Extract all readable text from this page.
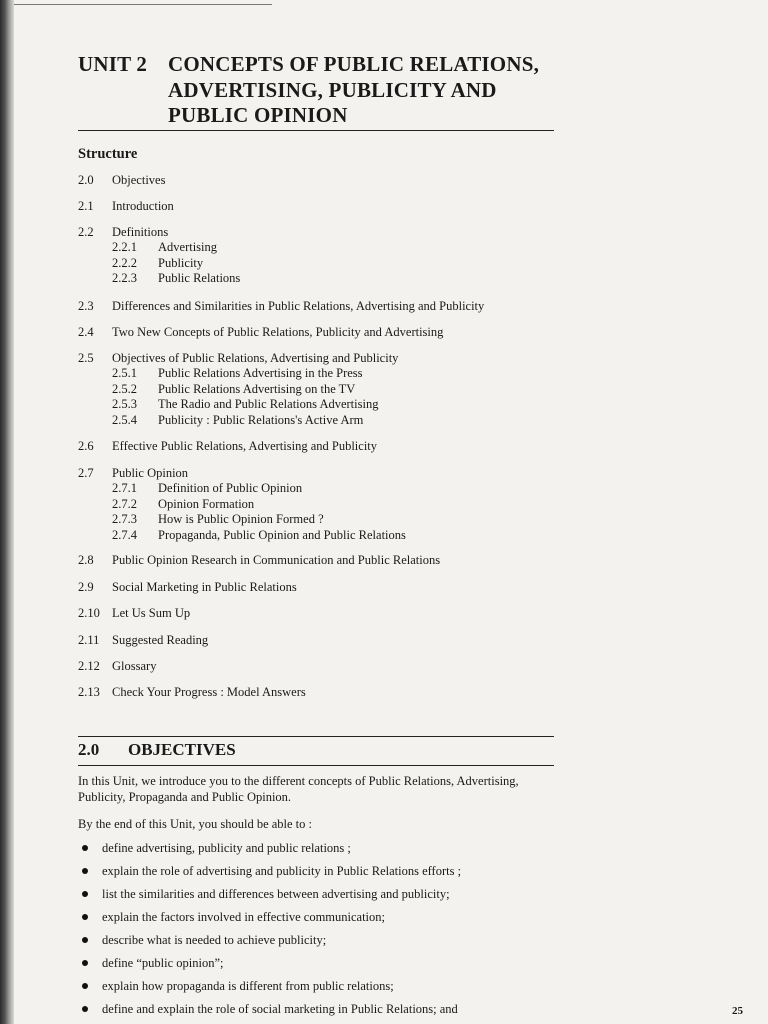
UNIT 2 CONCEPTS OF PUBLIC RELATIONS,
ADVERTISING, PUBLICITY AND
PUBLIC OPINION
Structure
2.0 Objectives
2.1 Introduction
2.2 Definitions
2.2.1 Advertising
2.2.2 Publicity
2.2.3 Public Relations
2.3 Differences and Similarities in Public Relations, Advertising and Publicity
2.4 Two New Concepts of Public Relations, Publicity and Advertising
2.5 Objectives of Public Relations, Advertising and Publicity
2.5.1 Public Relations Advertising in the Press
2.5.2 Public Relations Advertising on the TV
2.5.3 The Radio and Public Relations Advertising
2.5.4 Publicity : Public Relations's Active Arm
2.6 Effective Public Relations, Advertising and Publicity
2.7 Public Opinion
2.7.1 Definition of Public Opinion
2.7.2 Opinion Formation
2.7.3 How is Public Opinion Formed ?
2.7.4 Propaganda, Public Opinion and Public Relations
2.8 Public Opinion Research in Communication and Public Relations
2.9 Social Marketing in Public Relations
2.10 Let Us Sum Up
2.11 Suggested Reading
2.12 Glossary
2.13 Check Your Progress : Model Answers
2.0 OBJECTIVES
In this Unit, we introduce you to the different concepts of Public Relations, Advertising,
Publicity, Propaganda and Public Opinion.
By the end of this Unit, you should be able to :
define advertising, publicity and public relations ;
explain the role of advertising and publicity in Public Relations efforts ;
list the similarities and differences between advertising and publicity;
explain the factors involved in effective communication;
describe what is needed to achieve publicity;
define “public opinion”;
explain how propaganda is different from public relations;
define and explain the role of social marketing in Public Relations; and	25
